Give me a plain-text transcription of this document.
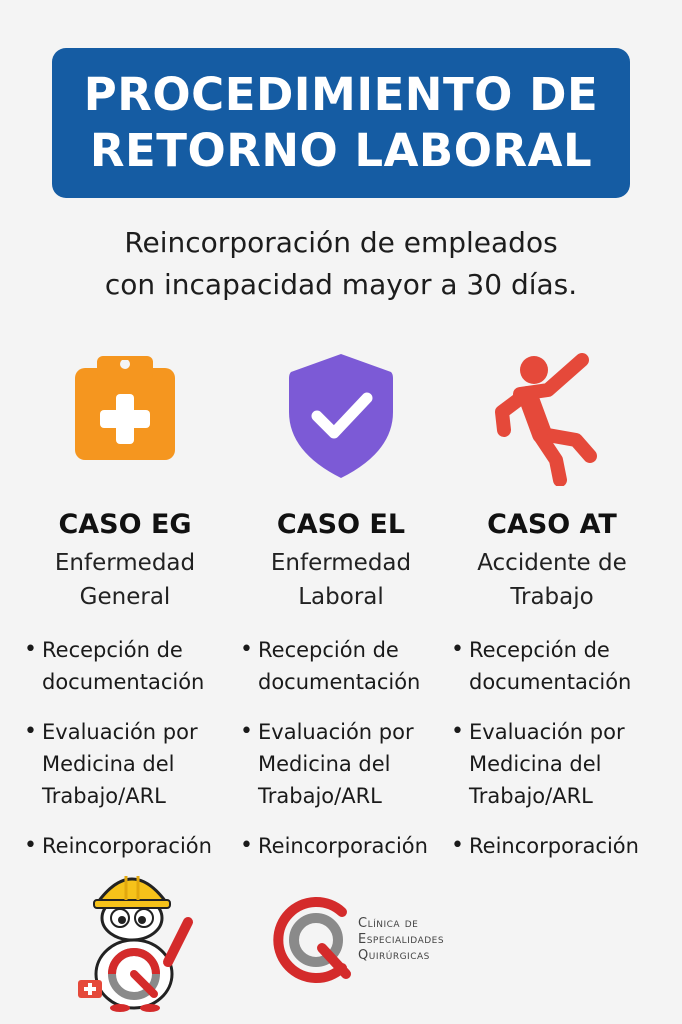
PROCEDIMIENTO DE
RETORNO LABORAL
Reincorporación de empleados
con incapacidad mayor a 30 días.
CASO EG
Enfermedad
General
• Recepción de
documentación
• Evaluación por
Medicina del
Trabajo/ARL
• Reincorporación
CASO EL
Enfermedad
Laboral
• Recepción de
documentación
• Evaluación por
Medicina del
Trabajo/ARL
• Reincorporación
CASO AT
Accidente de
Trabajo
• Recepción de
documentación
• Evaluación por
Medicina del
Trabajo/ARL
• Reincorporación
Clínica de
Especialidades
Quirúrgicas
